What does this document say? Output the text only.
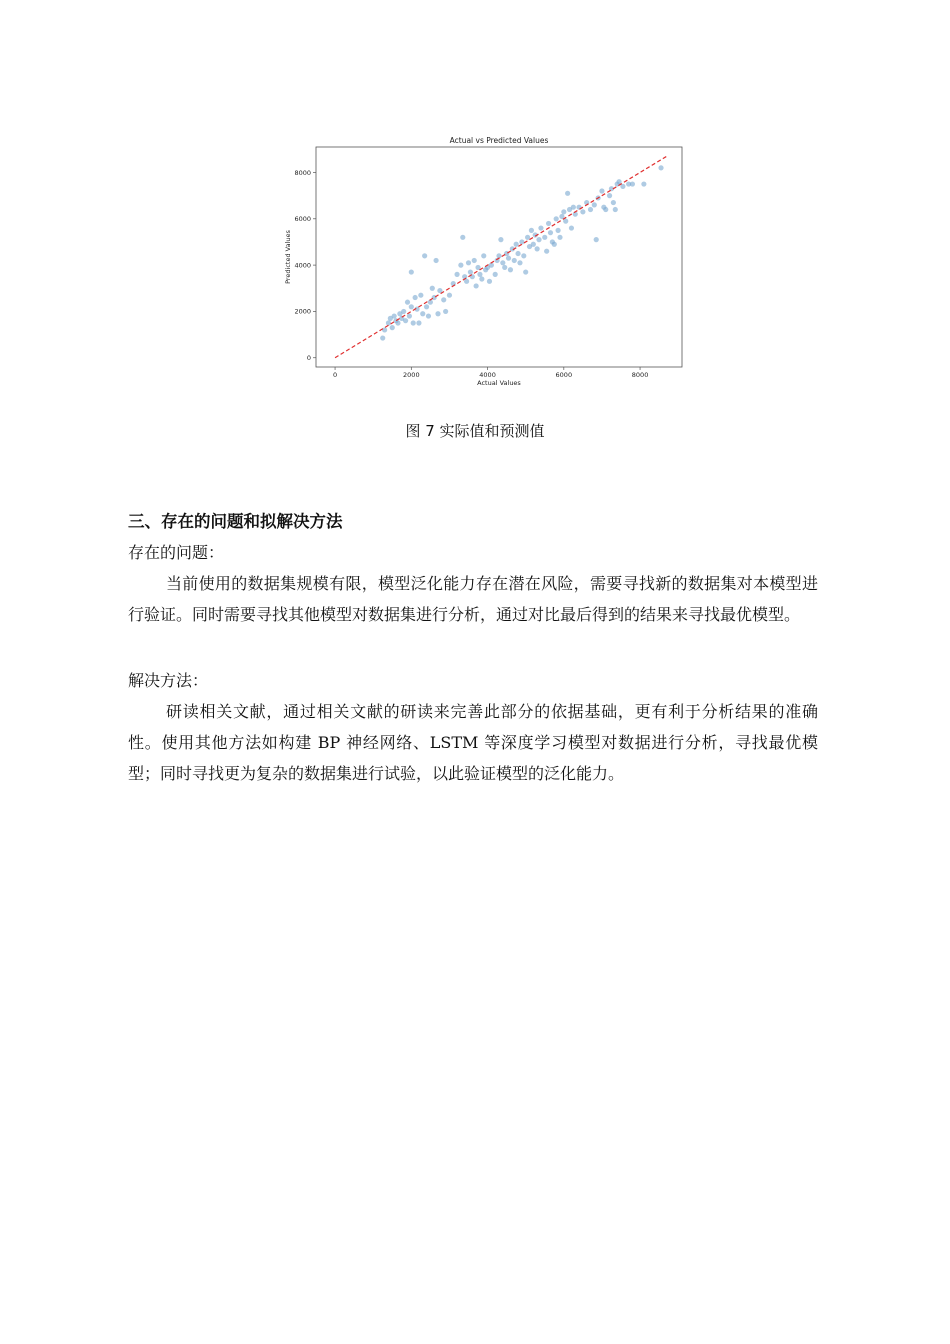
Actual vs Predicted Values
Actual Values
Predicted Values
0	2000	4000	6000	8000
0
2000
4000
6000
8000
图 7 实际值和预测值
三、存在的问题和拟解决方法
存在的问题：
当前使用的数据集规模有限，模型泛化能力存在潜在风险，需要寻找新的数据集对本模型进行验证。同时需要寻找其他模型对数据集进行分析，通过对比最后得到的结果来寻找最优模型。
解决方法：
研读相关文献，通过相关文献的研读来完善此部分的依据基础，更有利于分析结果的准确性。使用其他方法如构建 BP 神经网络、LSTM 等深度学习模型对数据进行分析，寻找最优模型；同时寻找更为复杂的数据集进行试验，以此验证模型的泛化能力。
